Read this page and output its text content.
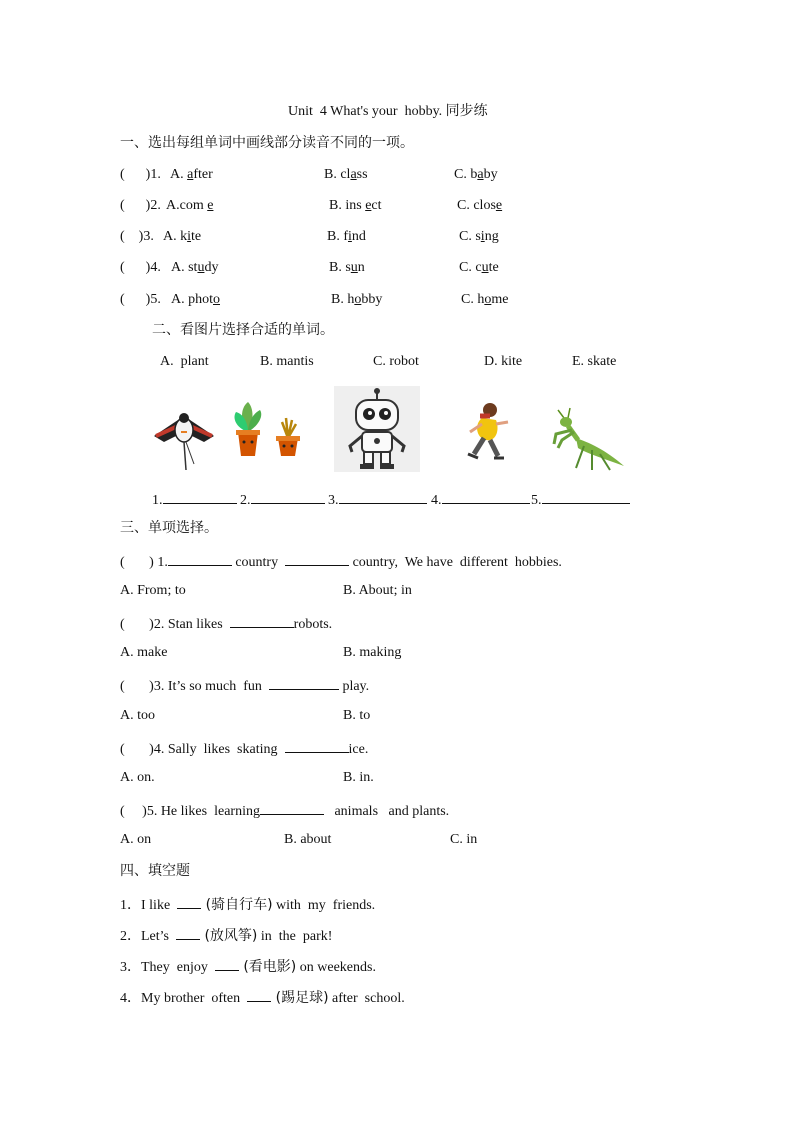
Unit  4 What's your  hobby. 同步练
一、选出每组单词中画线部分读音不同的一项。
(      )1. A. after	B. class	C. baby
(      )2. A.com e	B. ins ect	C. close
(    )3. A. kite	B. find	C. sing
(      )4. A. study	B. sun	C. cute
(      )5. A. photo	B. hobby	C. home
二、看图片选择合适的单词。
A.  plant	B. mantis	C. robot	D. kite	E. skate
1.	2.	3.	4.	5.
三、单项选择。
(       ) 1.	country	country,  We have  different  hobbies.
A. From; to	B. About; in
(       )2. Stan likes	robots.
A. make	B. making
(       )3. It’s so much  fun	play.
A. too	B. to
(       )4. Sally  likes  skating	ice.
A. on.	B. in.
(     )5. He likes  learning	animals   and plants.
A. on	B. about	C. in
四、填空题
1．I like   (骑自行车) with  my  friends.
2．Let’s   (放风筝) in  the  park!
3．They  enjoy   (看电影) on weekends.
4．My brother  often   (踢足球) after  school.
